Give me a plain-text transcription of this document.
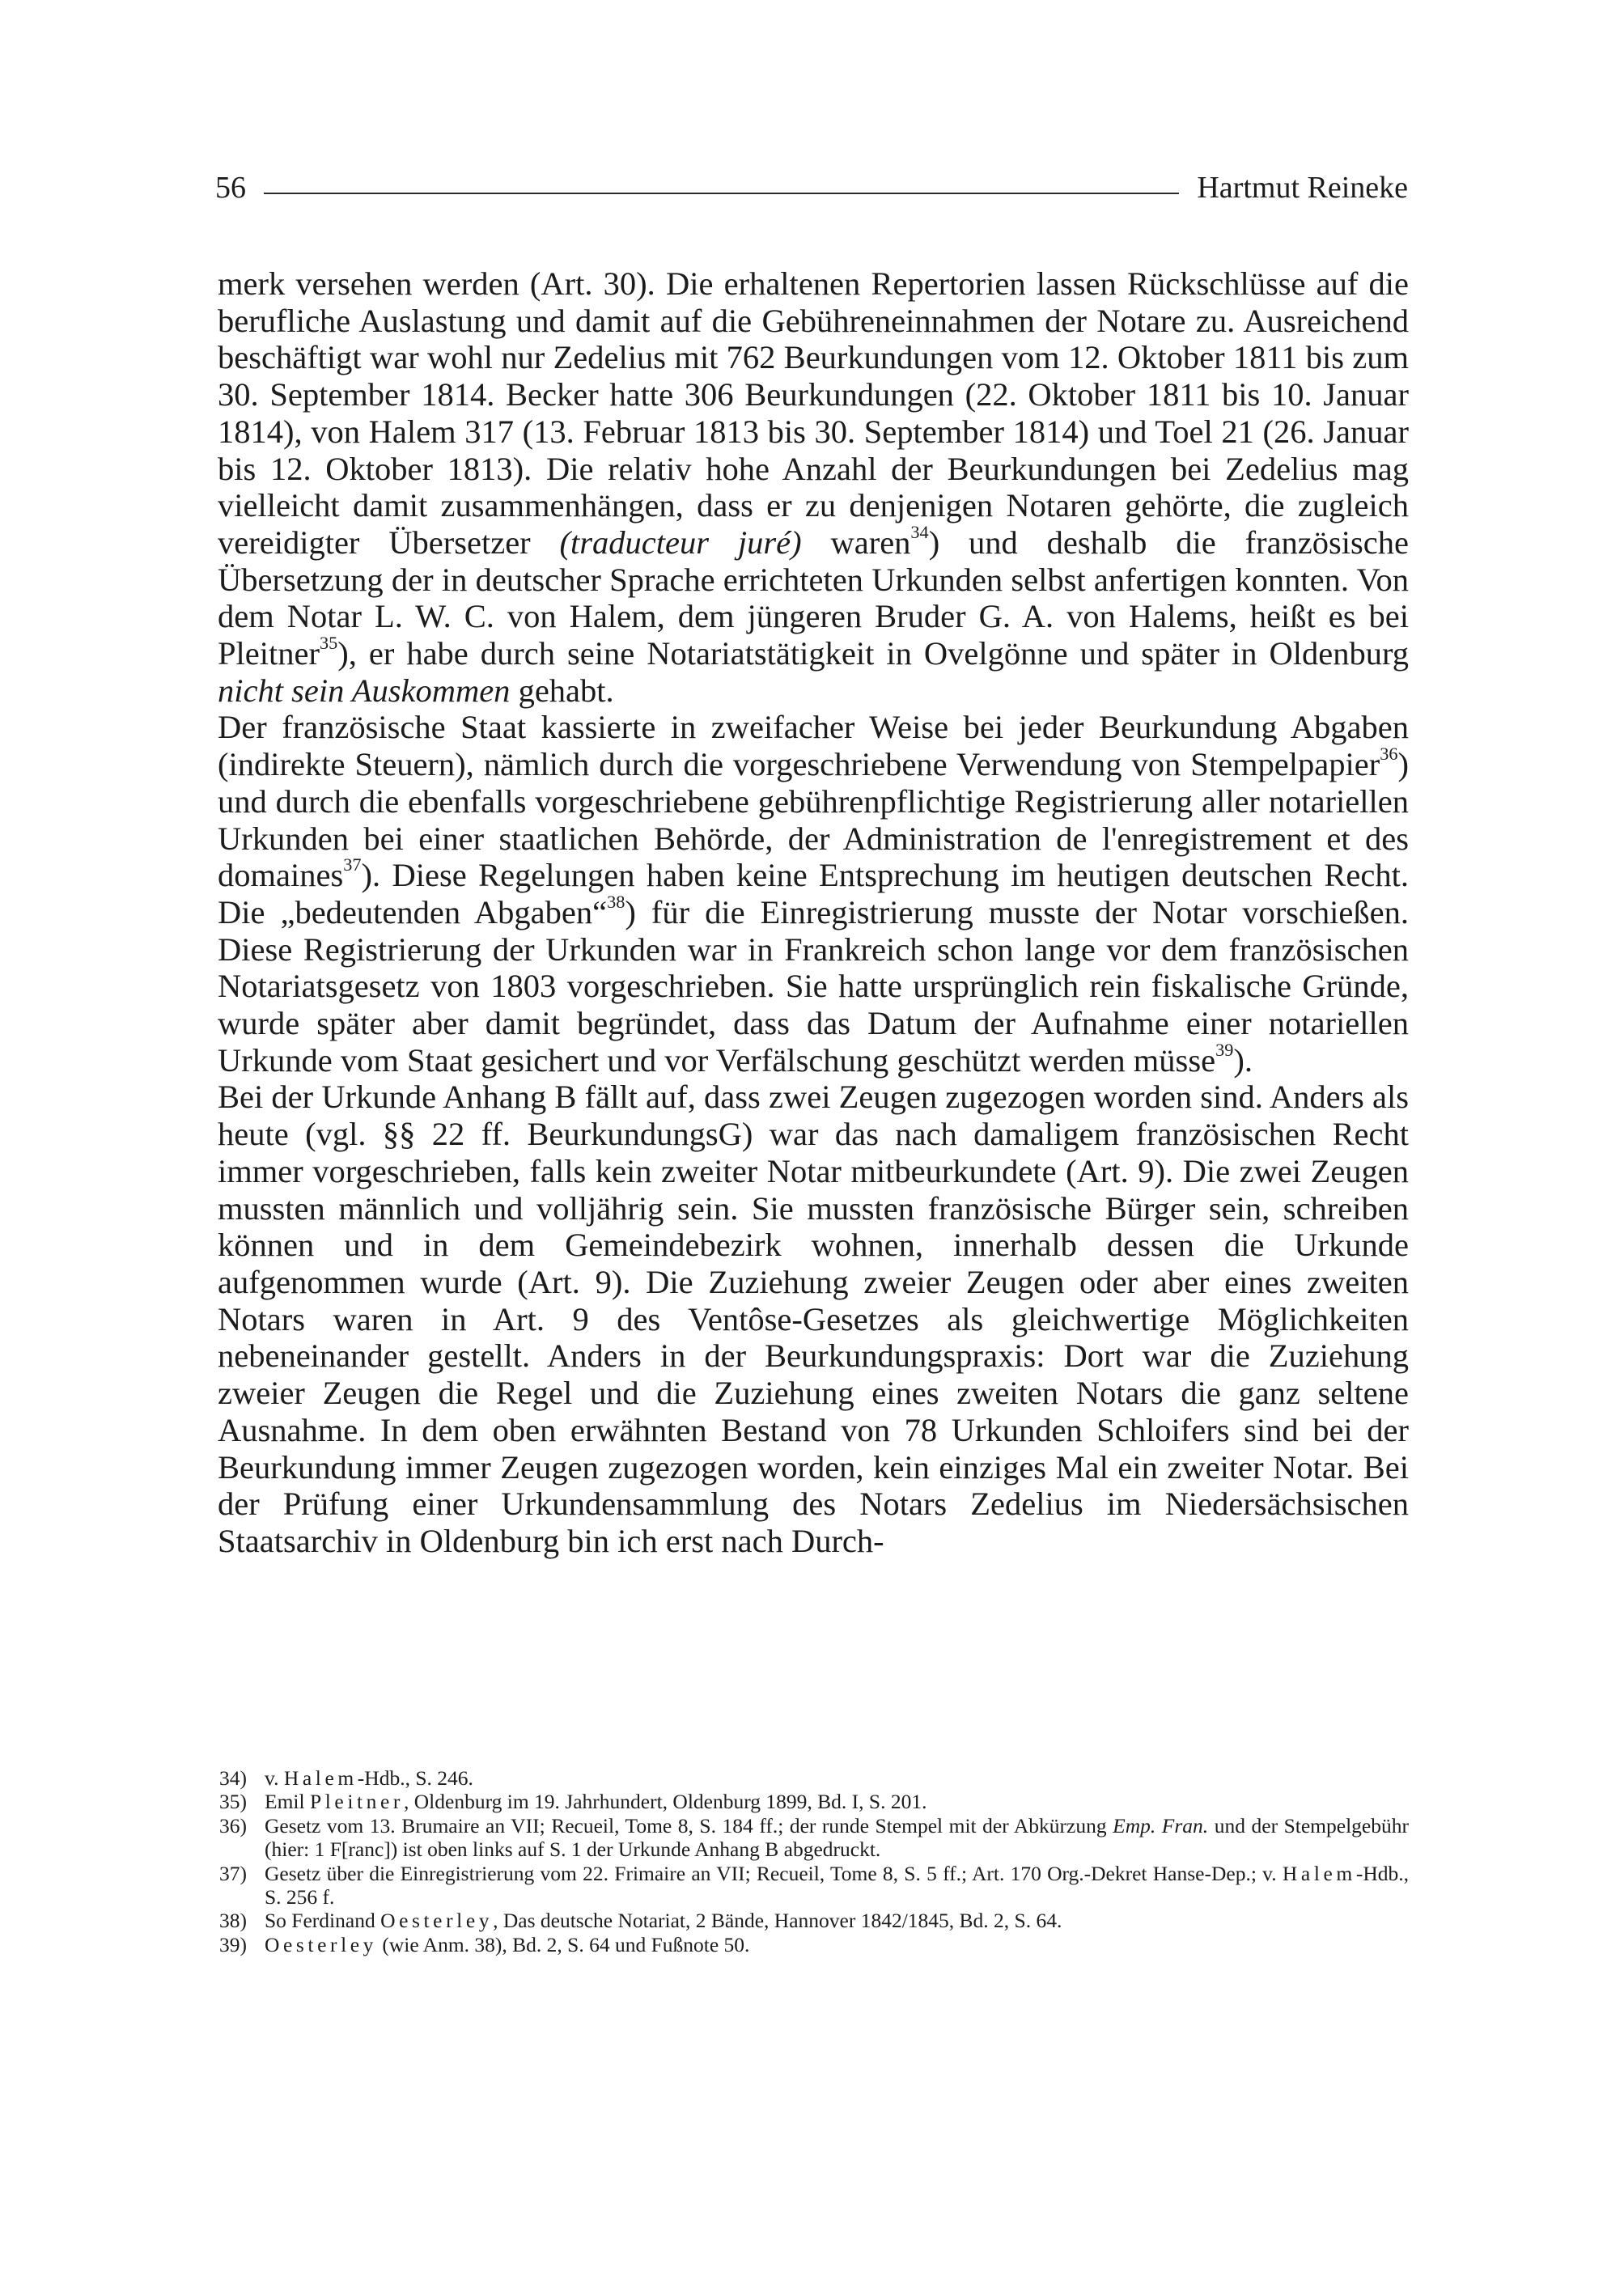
56	Hartmut Reineke

merk versehen werden (Art. 30). Die erhaltenen Repertorien lassen Rückschlüsse auf die berufliche Auslastung und damit auf die Gebühreneinnahmen der Notare zu. Ausreichend beschäftigt war wohl nur Zedelius mit 762 Beurkundungen vom 12. Oktober 1811 bis zum 30. September 1814. Becker hatte 306 Beurkundungen (22. Oktober 1811 bis 10. Januar 1814), von Halem 317 (13. Februar 1813 bis 30. September 1814) und Toel 21 (26. Januar bis 12. Oktober 1813). Die relativ hohe Anzahl der Beurkundungen bei Zedelius mag vielleicht damit zusammenhängen, dass er zu denjenigen Notaren gehörte, die zugleich vereidigter Übersetzer (traducteur juré) waren$^{34}$) und deshalb die französische Übersetzung der in deutscher Sprache errichteten Urkunden selbst anfertigen konnten. Von dem Notar L. W. C. von Halem, dem jüngeren Bruder G. A. von Halems, heißt es bei Pleitner$^{35}$), er habe durch seine Notariatstätigkeit in Ovelgönne und später in Oldenburg nicht sein Auskommen gehabt.

Der französische Staat kassierte in zweifacher Weise bei jeder Beurkundung Abgaben (indirekte Steuern), nämlich durch die vorgeschriebene Verwendung von Stempelpapier$^{36}$) und durch die ebenfalls vorgeschriebene gebührenpflichtige Registrierung aller notariellen Urkunden bei einer staatlichen Behörde, der Administration de l'enregistrement et des domaines$^{37}$). Diese Regelungen haben keine Entsprechung im heutigen deutschen Recht. Die „bedeutenden Abgaben“$^{38}$) für die Einregistrierung musste der Notar vorschießen. Diese Registrierung der Urkunden war in Frankreich schon lange vor dem französischen Notariatsgesetz von 1803 vorgeschrieben. Sie hatte ursprünglich rein fiskalische Gründe, wurde später aber damit begründet, dass das Datum der Aufnahme einer notariellen Urkunde vom Staat gesichert und vor Verfälschung geschützt werden müsse$^{39}$).

Bei der Urkunde Anhang B fällt auf, dass zwei Zeugen zugezogen worden sind. Anders als heute (vgl. §§ 22 ff. BeurkundungsG) war das nach damaligem französischen Recht immer vorgeschrieben, falls kein zweiter Notar mitbeurkundete (Art. 9). Die zwei Zeugen mussten männlich und volljährig sein. Sie mussten französische Bürger sein, schreiben können und in dem Gemeindebezirk wohnen, innerhalb dessen die Urkunde aufgenommen wurde (Art. 9). Die Zuziehung zweier Zeugen oder aber eines zweiten Notars waren in Art. 9 des Ventôse-Gesetzes als gleichwertige Möglichkeiten nebeneinander gestellt. Anders in der Beurkundungspraxis: Dort war die Zuziehung zweier Zeugen die Regel und die Zuziehung eines zweiten Notars die ganz seltene Ausnahme. In dem oben erwähnten Bestand von 78 Urkunden Schloifers sind bei der Beurkundung immer Zeugen zugezogen worden, kein einziges Mal ein zweiter Notar. Bei der Prüfung einer Urkundensammlung des Notars Zedelius im Niedersächsischen Staatsarchiv in Oldenburg bin ich erst nach Durch-

34) v. Halem-Hdb., S. 246.
35) Emil Pleitner, Oldenburg im 19. Jahrhundert, Oldenburg 1899, Bd. I, S. 201.
36) Gesetz vom 13. Brumaire an VII; Recueil, Tome 8, S. 184 ff.; der runde Stempel mit der Abkürzung Emp. Fran. und der Stempelgebühr (hier: 1 F[ranc]) ist oben links auf S. 1 der Urkunde Anhang B abgedruckt.
37) Gesetz über die Einregistrierung vom 22. Frimaire an VII; Recueil, Tome 8, S. 5 ff.; Art. 170 Org.-Dekret Hanse-Dep.; v. Halem-Hdb., S. 256 f.
38) So Ferdinand Oesterley, Das deutsche Notariat, 2 Bände, Hannover 1842/1845, Bd. 2, S. 64.
39) Oesterley (wie Anm. 38), Bd. 2, S. 64 und Fußnote 50.
